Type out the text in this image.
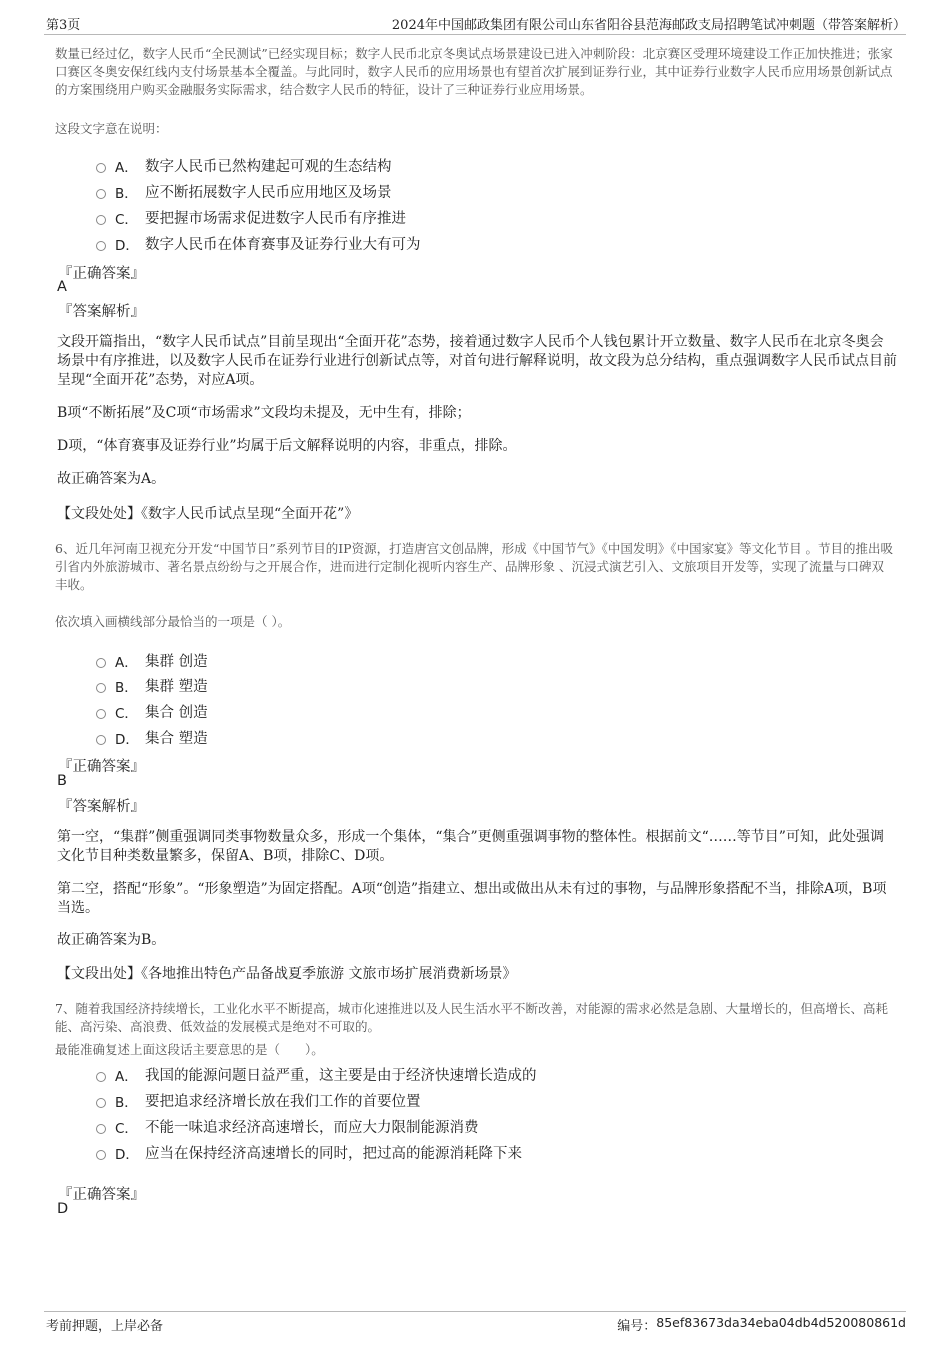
第3页	2024年中国邮政集团有限公司山东省阳谷县范海邮政支局招聘笔试冲刺题（带答案解析）
数量已经过亿，数字人民币“全民测试”已经实现目标；数字人民币北京冬奥试点场景建设已进入冲刺阶段：北京赛区受理环境建设工作正加快推进；张家口赛区冬奥安保红线内支付场景基本全覆盖。与此同时，数字人民币的应用场景也有望首次扩展到证券行业，其中证券行业数字人民币应用场景创新试点的方案围绕用户购买金融服务实际需求，结合数字人民币的特征，设计了三种证券行业应用场景。
这段文字意在说明：
A． 数字人民币已然构建起可观的生态结构
B． 应不断拓展数字人民币应用地区及场景
C． 要把握市场需求促进数字人民币有序推进
D． 数字人民币在体育赛事及证券行业大有可为
『正确答案』
A
『答案解析』
文段开篇指出，“数字人民币试点”目前呈现出“全面开花”态势，接着通过数字人民币个人钱包累计开立数量、数字人民币在北京冬奥会场景中有序推进，以及数字人民币在证券行业进行创新试点等，对首句进行解释说明，故文段为总分结构，重点强调数字人民币试点目前呈现“全面开花”态势，对应A项。
B项“不断拓展”及C项“市场需求”文段均未提及，无中生有，排除；
D项，“体育赛事及证券行业”均属于后文解释说明的内容，非重点，排除。
故正确答案为A。
【文段处处】《数字人民币试点呈现“全面开花”》
6、近几年河南卫视充分开发“中国节日”系列节目的IP资源，打造唐宫文创品牌，形成《中国节气》《中国发明》《中国家宴》等文化节目 。节目的推出吸引省内外旅游城市、著名景点纷纷与之开展合作，进而进行定制化视听内容生产、品牌形象 、沉浸式演艺引入、文旅项目开发等，实现了流量与口碑双丰收。
依次填入画横线部分最恰当的一项是（ ）。
A． 集群 创造
B． 集群 塑造
C． 集合 创造
D． 集合 塑造
『正确答案』
B
『答案解析』
第一空，“集群”侧重强调同类事物数量众多，形成一个集体，“集合”更侧重强调事物的整体性。根据前文“……等节目”可知，此处强调文化节目种类数量繁多，保留A、B项，排除C、D项。
第二空，搭配“形象”。“形象塑造”为固定搭配。A项“创造”指建立、想出或做出从未有过的事物，与品牌形象搭配不当，排除A项，B项当选。
故正确答案为B。
【文段出处】《各地推出特色产品备战夏季旅游 文旅市场扩展消费新场景》
7、随着我国经济持续增长，工业化水平不断提高，城市化速推进以及人民生活水平不断改善，对能源的需求必然是急剧、大量增长的，但高增长、高耗能、高污染、高浪费、低效益的发展模式是绝对不可取的。
最能准确复述上面这段话主要意思的是（　　）。
A． 我国的能源问题日益严重，这主要是由于经济快速增长造成的
B． 要把追求经济增长放在我们工作的首要位置
C． 不能一味追求经济高速增长，而应大力限制能源消费
D． 应当在保持经济高速增长的同时，把过高的能源消耗降下来
『正确答案』
D
考前押题，上岸必备	编号： 85ef83673da34eba04db4d520080861d
